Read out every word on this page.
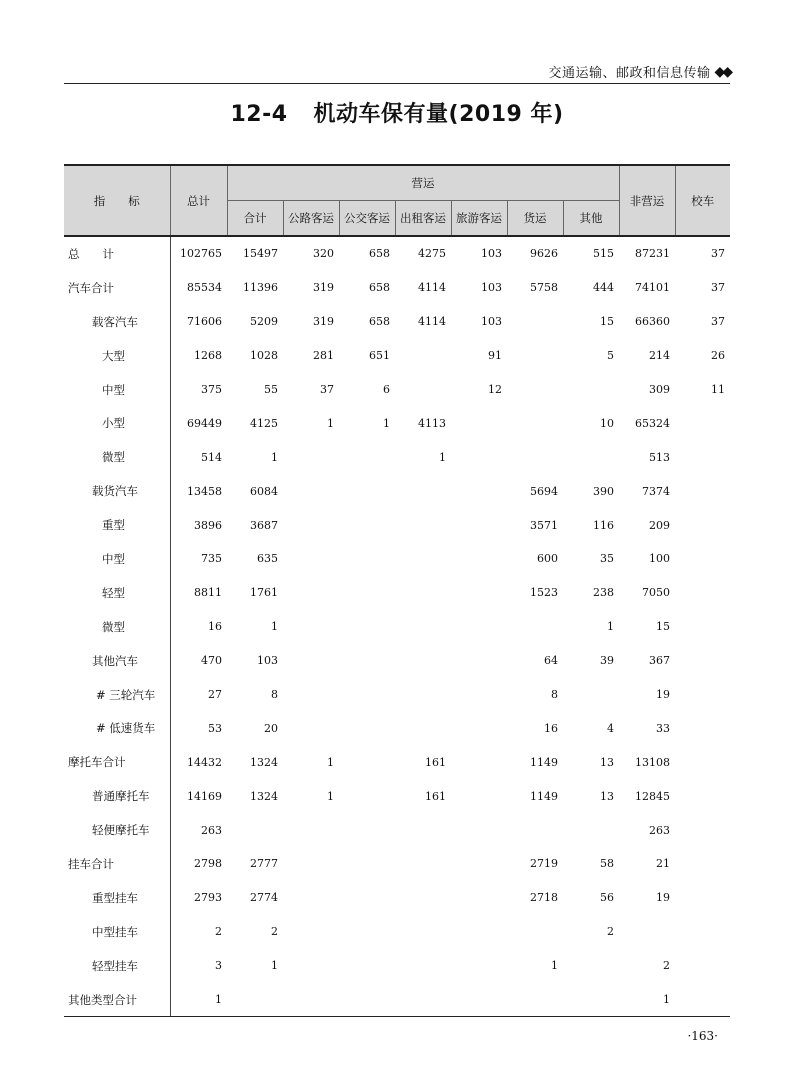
交通运输、邮政和信息传输 ◆◆
12-4 机动车保有量(2019 年)
指　　标	总计	营运							非营运	校车
		合计	公路客运	公交客运	出租客运	旅游客运	货运	其他		
总　　计	102765	15497	320	658	4275	103	9626	515	87231	37
汽车合计	85534	11396	319	658	4114	103	5758	444	74101	37
载客汽车	71606	5209	319	658	4114	103		15	66360	37
大型	1268	1028	281	651		91		5	214	26
中型	375	55	37	6		12			309	11
小型	69449	4125	1	1	4113			10	65324	
微型	514	1			1				513	
载货汽车	13458	6084					5694	390	7374	
重型	3896	3687					3571	116	209	
中型	735	635					600	35	100	
轻型	8811	1761					1523	238	7050	
微型	16	1						1	15	
其他汽车	470	103					64	39	367	
# 三轮汽车	27	8					8		19	
# 低速货车	53	20					16	4	33	
摩托车合计	14432	1324	1		161		1149	13	13108	
普通摩托车	14169	1324	1		161		1149	13	12845	
轻便摩托车	263								263	
挂车合计	2798	2777					2719	58	21	
重型挂车	2793	2774					2718	56	19	
中型挂车	2	2						2		
轻型挂车	3	1					1		2	
其他类型合计	1								1	
·163·
